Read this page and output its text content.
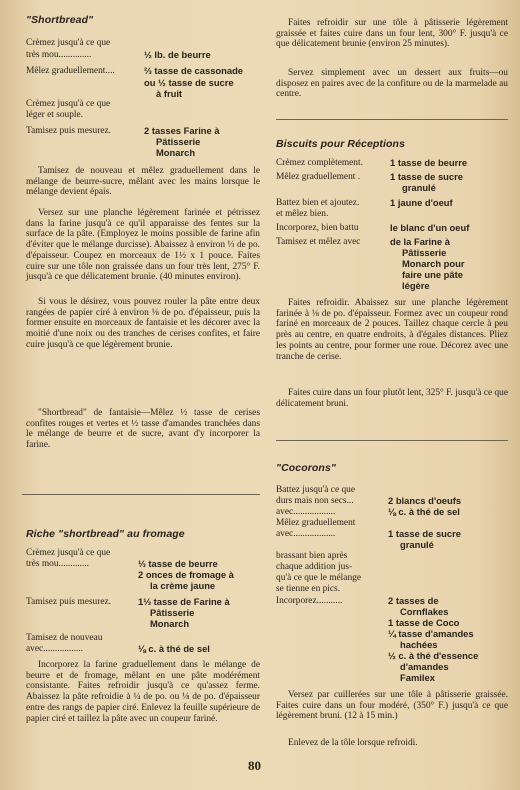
"Shortbread"
Crèmez jusqu'à ce que
très mou..............	½ lb. de beurre
Mêlez graduellement....	⅔ tasse de cassonade
ou ½ tasse de sucre
à fruit
Crèmez jusqu'à ce que
léger et souple.
Tamisez puis mesurez.	2 tasses Farine à
Pâtisserie
Monarch
Tamisez de nouveau et mêlez graduellement dans le mélange de beurre-sucre, mêlant avec les mains lorsque le mélange devient épais.
Versez sur une planche légèrement farinée et pétrissez dans la farine jusqu'à ce qu'il apparaisse des fentes sur la surface de la pâte. (Employez le moins possible de farine afin d'éviter que le mélange durcisse). Abaissez à environ ⅓ de po. d'épaisseur. Coupez en morceaux de 1½ x 1 pouce. Faites cuire sur une tôle non graissée dans un four très lent, 275° F. jusqu'à ce que délicatement brunie. (40 minutes environ).
Si vous le désirez, vous pouvez rouler la pâte entre deux rangées de papier ciré à environ ⅛ de po. d'épaisseur, puis la former ensuite en morceaux de fantaisie et les décorer avec la moitié d'une noix ou des tranches de cerises confites, et faire cuire jusqu'à ce que légèrement brunie.
"Shortbread" de fantaisie—Mêlez ½ tasse de cerises confites rouges et vertes et ½ tasse d'amandes tranchées dans le mélange de beurre et de sucre, avant d'y incorporer la farine.
Riche "shortbread" au fromage
Crèmez jusqu'à ce que
très mou.............	⅓ tasse de beurre
2 onces de fromage à
la crème jaune
Tamisez puis mesurez.	1⅓ tasse de Farine à
Pâtisserie
Monarch
Tamisez de nouveau
avec.................	⅛ c. à thé de sel
Incorporez la farine graduellement dans le mélange de beurre et de fromage, mêlant en une pâte modérément consistante. Faites refroidir jusqu'à ce qu'assez ferme. Abaissez la pâte refroidie à ¼ de po. ou ⅛ de po. d'épaisseur entre des rangs de papier ciré. Enlevez la feuille supérieure de papier ciré et taillez la pâte avec un coupeur fariné.
Faites refroidir sur une tôle à pâtisserie légèrement graissée et faites cuire dans un four lent, 300° F. jusqu'à ce que délicatement brunie (environ 25 minutes).
Servez simplement avec un dessert aux fruits—ou disposez en paires avec de la confiture ou de la marmelade au centre.
Biscuits pour Réceptions
Crèmez complètement.	1 tasse de beurre
Mêlez graduellement .	1 tasse de sucre
granulé
Battez bien et ajoutez.	1 jaune d'oeuf
et mêlez bien.
Incorporez, bien battu	le blanc d'un oeuf
Tamisez et mêlez avec	de la Farine à
Pâtisserie
Monarch pour
faire une pâte
légère
Faites refroidir. Abaissez sur une planche légèrement farinée à ⅛ de po. d'épaisseur. Formez avec un coupeur rond fariné en morceaux de 2 pouces. Taillez chaque cercle à peu près au centre, en quatre endroits, à d'égales distances. Pliez les points au centre, pour former une roue. Décorez avec une tranche de cerise.
Faites cuire dans un four plutôt lent, 325° F. jusqu'à ce que délicatement bruni.
"Cocorons"
Battez jusqu'à ce que
durs mais non secs...	2 blancs d'oeufs
avec..................	⅛ c. à thé de sel
Mêlez graduellement
avec..................	1 tasse de sucre
granulé
brassant bien après
chaque addition jus-
qu'à ce que le mélange
se tienne en pics.
Incorporez...........	2 tasses de
Cornflakes
1 tasse de Coco
¼ tasse d'amandes
hachées
½ c. à thé d'essence
d'amandes
Familex
Versez par cuillerées sur une tôle à pâtisserie graissée. Faites cuire dans un four modéré, (350° F.) jusqu'à ce que légèrement bruni. (12 à 15 min.)
Enlevez de la tôle lorsque refroidi.
80
